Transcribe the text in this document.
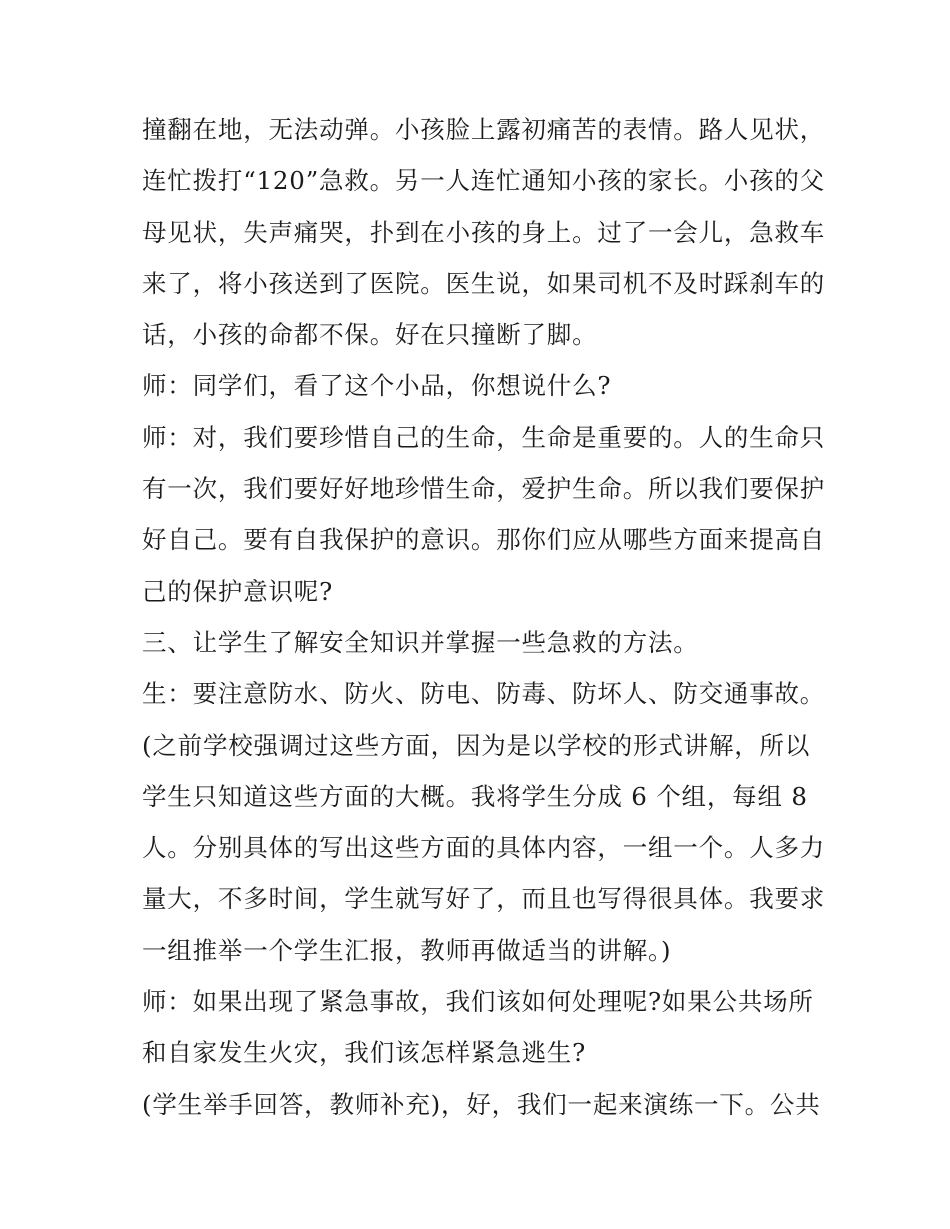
撞翻在地，无法动弹。小孩脸上露初痛苦的表情。路人见状，
连忙拨打“120”急救。另一人连忙通知小孩的家长。小孩的父
母见状，失声痛哭，扑到在小孩的身上。过了一会儿，急救车
来了，将小孩送到了医院。医生说，如果司机不及时踩刹车的
话，小孩的命都不保。好在只撞断了脚。
师：同学们，看了这个小品，你想说什么?
师：对，我们要珍惜自己的生命，生命是重要的。人的生命只
有一次，我们要好好地珍惜生命，爱护生命。所以我们要保护
好自己。要有自我保护的意识。那你们应从哪些方面来提高自
己的保护意识呢?
三、让学生了解安全知识并掌握一些急救的方法。
生：要注意防水、防火、防电、防毒、防坏人、防交通事故。
(之前学校强调过这些方面，因为是以学校的形式讲解，所以
学生只知道这些方面的大概。我将学生分成 6 个组，每组 8
人。分别具体的写出这些方面的具体内容，一组一个。人多力
量大，不多时间，学生就写好了，而且也写得很具体。我要求
一组推举一个学生汇报，教师再做适当的讲解。)
师：如果出现了紧急事故，我们该如何处理呢?如果公共场所
和自家发生火灾，我们该怎样紧急逃生?
(学生举手回答，教师补充)，好，我们一起来演练一下。公共
